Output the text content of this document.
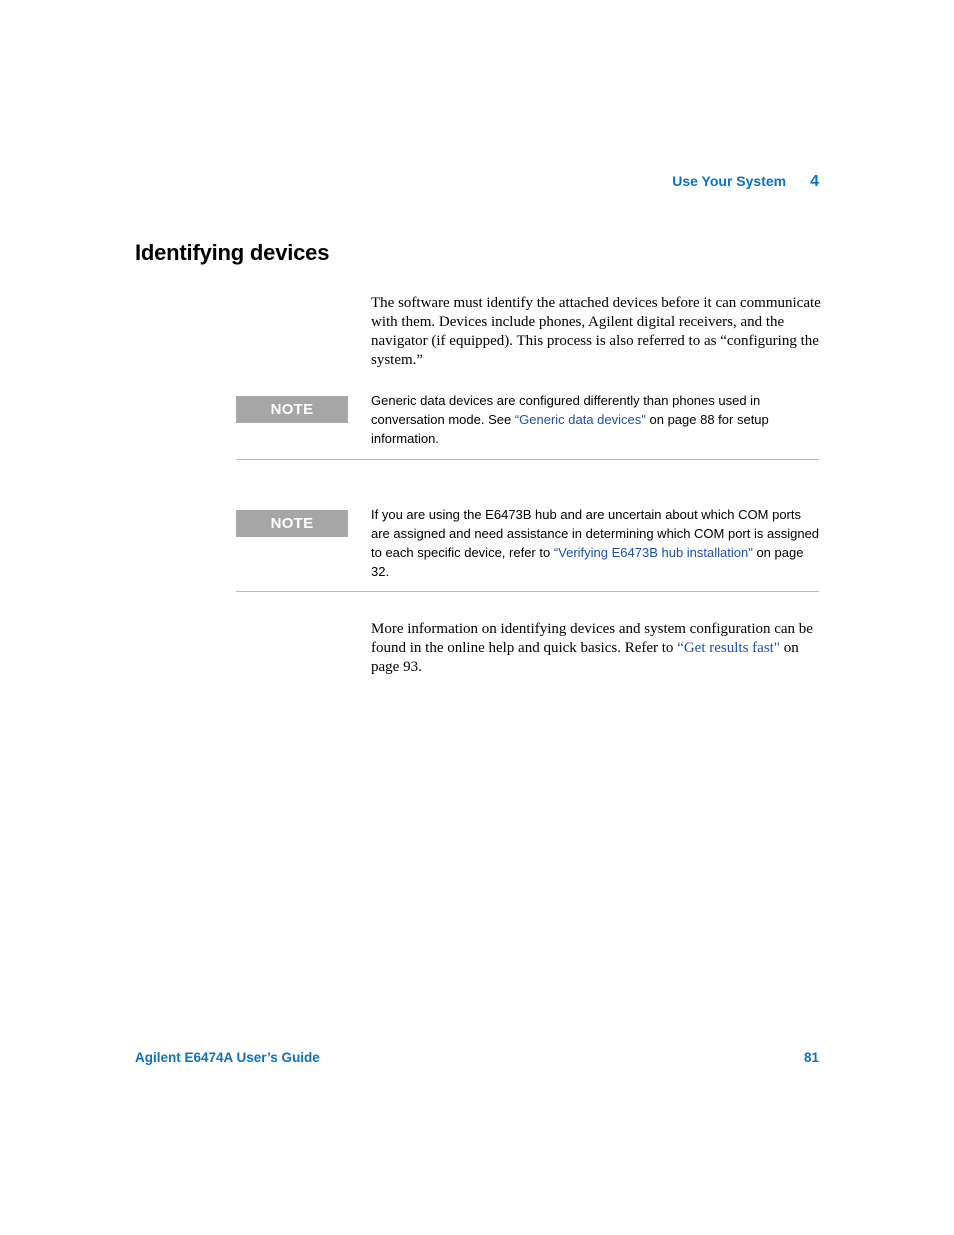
Use Your System 4
Identifying devices

The software must identify the attached devices before it can communicate with them. Devices include phones, Agilent digital receivers, and the navigator (if equipped). This process is also referred to as “configuring the system.”

NOTE

Generic data devices are configured differently than phones used in conversation mode. See “Generic data devices" on page 88 for setup information.

NOTE

If you are using the E6473B hub and are uncertain about which COM ports are assigned and need assistance in determining which COM port is assigned to each specific device, refer to “Verifying E6473B hub installation" on page 32.

More information on identifying devices and system configuration can be found in the online help and quick basics. Refer to “Get results fast" on page 93.

Agilent E6474A User’s Guide	81
